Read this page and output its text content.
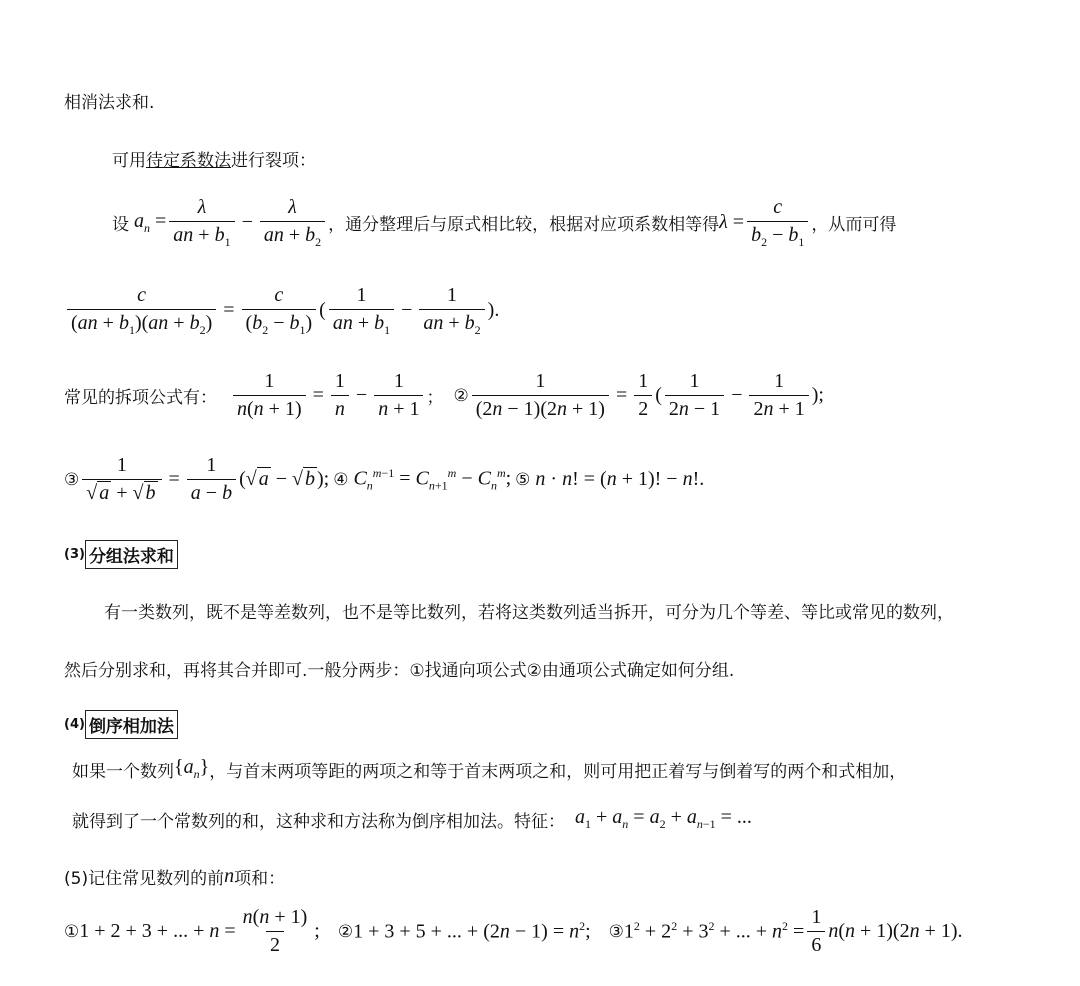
相消法求和.
可用 待定系数法 进行裂项：
设 $a_n = \frac{\lambda}{an + b_1} - \frac{\lambda}{an + b_2}$ ，通分整理后与原式相比较，根据对应项系数相等得 $\lambda = \frac{c}{b_2 - b_1}$ ，从而可得
$\frac{c}{(an + b_1)(an + b_2)} = \frac{c}{(b_2 - b_1)}$ ( $\frac{1}{an + b_1} - \frac{1}{an + b_2}$ ).
常见的拆项公式有： $\frac{1}{n(n + 1)} = \frac{1}{n} - \frac{1}{n + 1}$ ； ② $\frac{1}{(2n - 1)(2n + 1)} = \frac{1}{2}$ ( $\frac{1}{2n - 1} - \frac{1}{2n + 1}$ );
③ $\frac{1}{√ a + √ b} = \frac{1}{a - b}$ (√ a − √ b ); ④ $C_n^{m-1} = C_{n+1}^m - C_n^m$; ⑤ n · n! = (n + 1)! − n!.
(3) 分组法求和
有一类数列，既不是等差数列，也不是等比数列，若将这类数列适当拆开，可分为几个等差、等比或常见的数列，
然后分别求和，再将其合并即可.一般分两步：①找通向项公式②由通项公式确定如何分组.
(4) 倒序相加法
如果一个数列 $\{a_n\}$ ，与首末两项等距的两项之和等于首末两项之和，则可用把正着写与倒着写的两个和式相加，
就得到了一个常数列的和，这种求和方法称为倒序相加法。特征： $a_1 + a_n = a_2 + a_{n-1}$ = ...
(5)记住常见数列的前 n 项和：
① 1 + 2 + 3 + ... + $n = \frac{n(n + 1)}{2}$ ; ② 1 + 3 + 5 + ... + $(2n - 1) = n^2$; ③ $1^2 + 2^2 + 3^2$ + ... + $n^2 = \frac{1}{6} n(n + 1)(2n + 1)$.
